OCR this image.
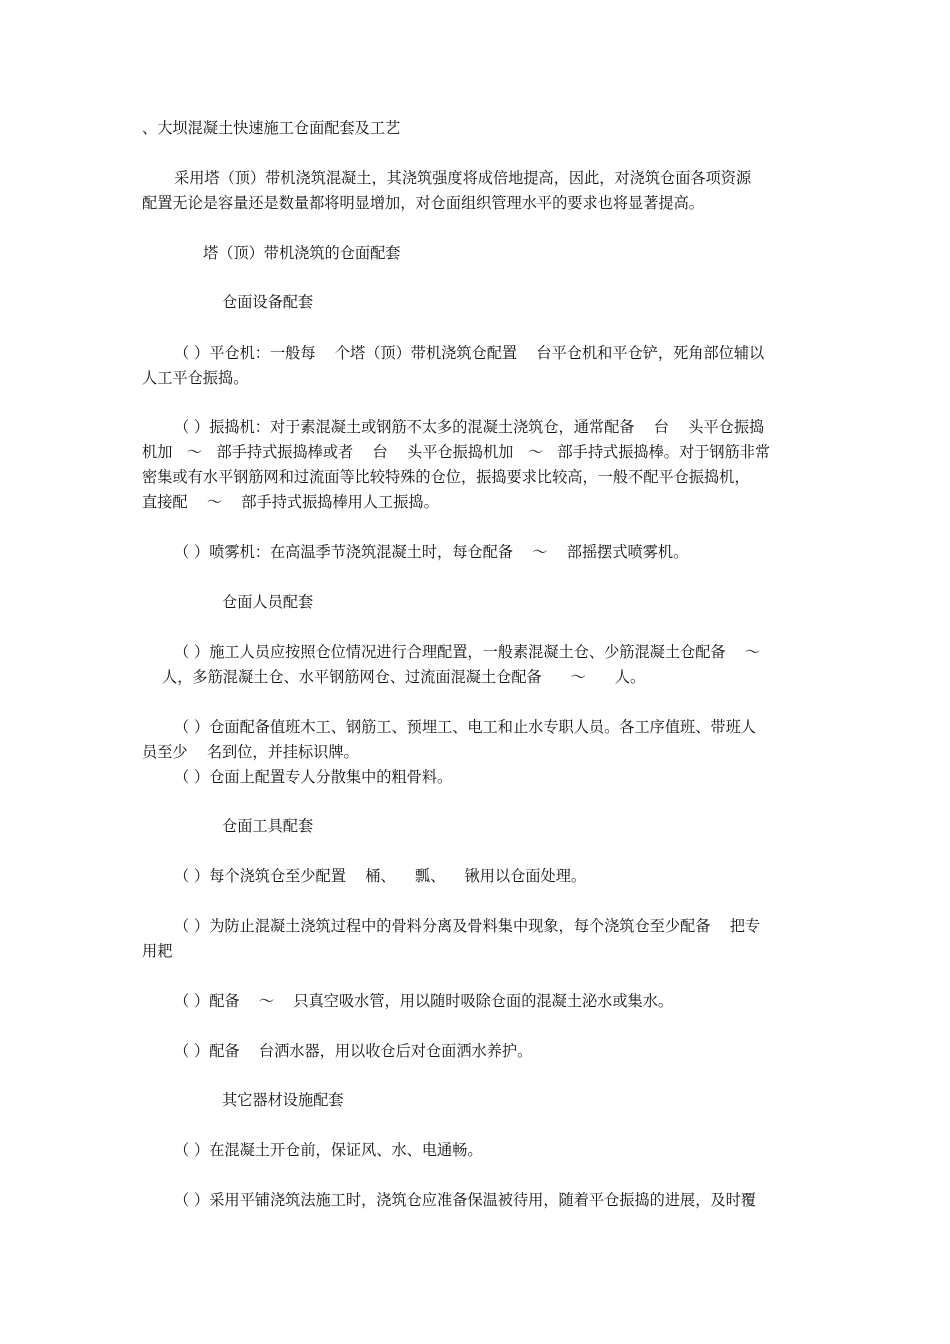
、大坝混凝土快速施工仓面配套及工艺

采用塔（顶）带机浇筑混凝土，其浇筑强度将成倍地提高，因此，对浇筑仓面各项资源

配置无论是容量还是数量都将明显增加，对仓面组织管理水平的要求也将显著提高。

塔（顶）带机浇筑的仓面配套

仓面设备配套

（ ）平仓机：一般每    个塔（顶）带机浇筑仓配置    台平仓机和平仓铲，死角部位辅以

人工平仓振捣。

（ ）振捣机：对于素混凝土或钢筋不太多的混凝土浇筑仓，通常配备    台    头平仓振捣

机加   ～   部手持式振捣棒或者    台    头平仓振捣机加   ～   部手持式振捣棒。对于钢筋非常

密集或有水平钢筋网和过流面等比较特殊的仓位，振捣要求比较高，一般不配平仓振捣机，

直接配    ～    部手持式振捣棒用人工振捣。

（ ）喷雾机：在高温季节浇筑混凝土时，每仓配备    ～    部摇摆式喷雾机。

仓面人员配套

（ ）施工人员应按照仓位情况进行合理配置，一般素混凝土仓、少筋混凝土仓配备    ～

人，多筋混凝土仓、水平钢筋网仓、过流面混凝土仓配备      ～      人。

（ ）仓面配备值班木工、钢筋工、预埋工、电工和止水专职人员。各工序值班、带班人

员至少    名到位，并挂标识牌。

（ ）仓面上配置专人分散集中的粗骨料。

仓面工具配套

（ ）每个浇筑仓至少配置    桶、    瓢、    锹用以仓面处理。

（ ）为防止混凝土浇筑过程中的骨料分离及骨料集中现象，每个浇筑仓至少配备    把专

用耙

（ ）配备    ～    只真空吸水管，用以随时吸除仓面的混凝土泌水或集水。

（ ）配备    台洒水器，用以收仓后对仓面洒水养护。

其它器材设施配套

（ ）在混凝土开仓前，保证风、水、电通畅。

（ ）采用平铺浇筑法施工时，浇筑仓应准备保温被待用，随着平仓振捣的进展，及时覆
